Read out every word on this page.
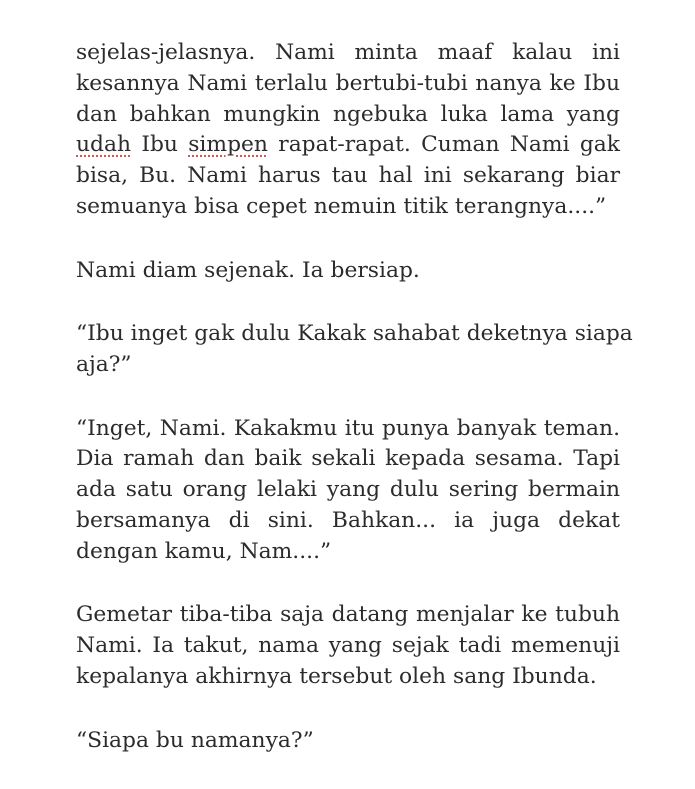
sejelas-jelasnya. Nami minta maaf kalau ini
kesannya Nami terlalu bertubi-tubi nanya ke Ibu
dan bahkan mungkin ngebuka luka lama yang
udah Ibu simpen rapat-rapat. Cuman Nami gak
bisa, Bu. Nami harus tau hal ini sekarang biar
semuanya bisa cepet nemuin titik terangnya....”

Nami diam sejenak. Ia bersiap.

“Ibu inget gak dulu Kakak sahabat deketnya siapa
aja?”

“Inget, Nami. Kakakmu itu punya banyak teman.
Dia ramah dan baik sekali kepada sesama. Tapi
ada satu orang lelaki yang dulu sering bermain
bersamanya di sini. Bahkan... ia juga dekat
dengan kamu, Nam....”

Gemetar tiba-tiba saja datang menjalar ke tubuh
Nami. Ia takut, nama yang sejak tadi memenuji
kepalanya akhirnya tersebut oleh sang Ibunda.

“Siapa bu namanya?”
